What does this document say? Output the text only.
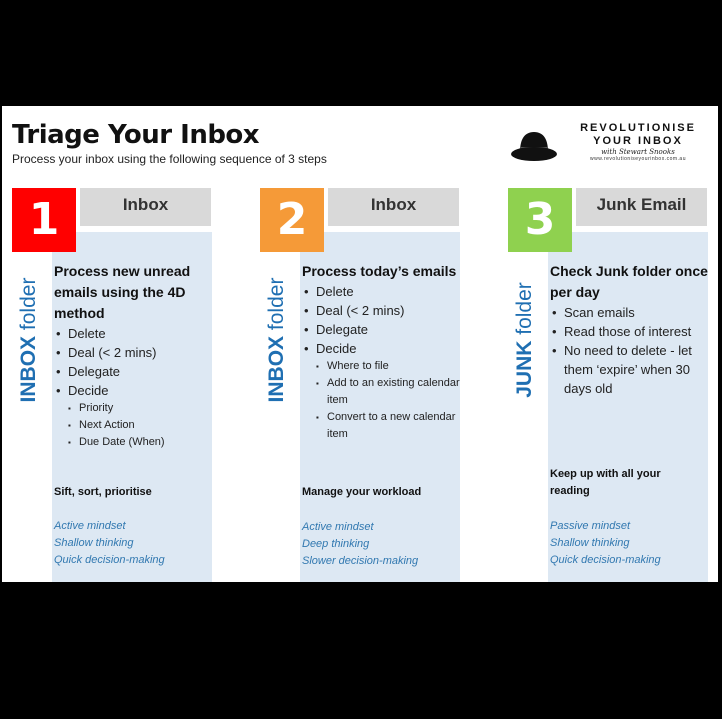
Triage Your Inbox
Process your inbox using the following sequence of 3 steps
REVOLUTIONISE
YOUR INBOX
with Stewart Snooks
www.revolutioniseyourinbox.com.au
1	Inbox
INBOX folder
Process new unread emails using the 4D method
• Delete
• Deal (< 2 mins)
• Delegate
• Decide
▪ Priority
▪ Next Action
▪ Due Date (When)
Sift, sort, prioritise
Active mindset
Shallow thinking
Quick decision-making
2	Inbox
INBOX folder
Process today’s emails
• Delete
• Deal (< 2 mins)
• Delegate
• Decide
▪ Where to file
▪ Add to an existing calendar item
▪ Convert to a new calendar item
Manage your workload
Active mindset
Deep thinking
Slower decision-making
3	Junk Email
JUNK folder
Check Junk folder once per day
• Scan emails
• Read those of interest
• No need to delete - let them ‘expire’ when 30 days old
Keep up with all your reading
Passive mindset
Shallow thinking
Quick decision-making
